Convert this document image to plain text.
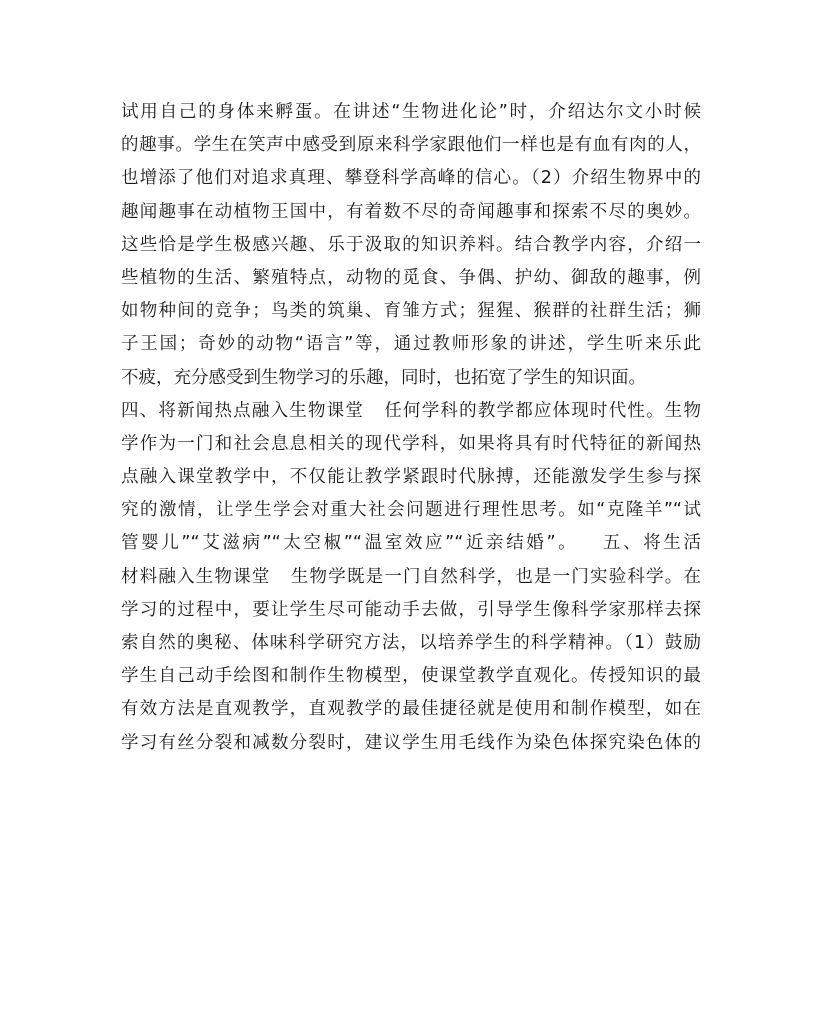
试用自己的身体来孵蛋。在讲述“生物进化论”时，介绍达尔文小时候
的趣事。学生在笑声中感受到原来科学家跟他们一样也是有血有肉的人，
也增添了他们对追求真理、攀登科学高峰的信心。（2）介绍生物界中的
趣闻趣事在动植物王国中，有着数不尽的奇闻趣事和探索不尽的奥妙。
这些恰是学生极感兴趣、乐于汲取的知识养料。结合教学内容，介绍一
些植物的生活、繁殖特点，动物的觅食、争偶、护幼、御敌的趣事，例
如物种间的竞争；鸟类的筑巢、育雏方式；猩猩、猴群的社群生活；狮
子王国；奇妙的动物“语言”等，通过教师形象的讲述，学生听来乐此
不疲，充分感受到生物学习的乐趣，同时，也拓宽了学生的知识面。
四、将新闻热点融入生物课堂   任何学科的教学都应体现时代性。生物
学作为一门和社会息息相关的现代学科，如果将具有时代特征的新闻热
点融入课堂教学中，不仅能让教学紧跟时代脉搏，还能激发学生参与探
究的激情，让学生学会对重大社会问题进行理性思考。如“克隆羊”“试
管婴儿”“艾滋病”“太空椒”“温室效应”“近亲结婚”。   五、将生活
材料融入生物课堂   生物学既是一门自然科学，也是一门实验科学。在
学习的过程中，要让学生尽可能动手去做，引导学生像科学家那样去探
索自然的奥秘、体味科学研究方法，以培养学生的科学精神。（1）鼓励
学生自己动手绘图和制作生物模型，使课堂教学直观化。传授知识的最
有效方法是直观教学，直观教学的最佳捷径就是使用和制作模型，如在
学习有丝分裂和减数分裂时，建议学生用毛线作为染色体探究染色体的
